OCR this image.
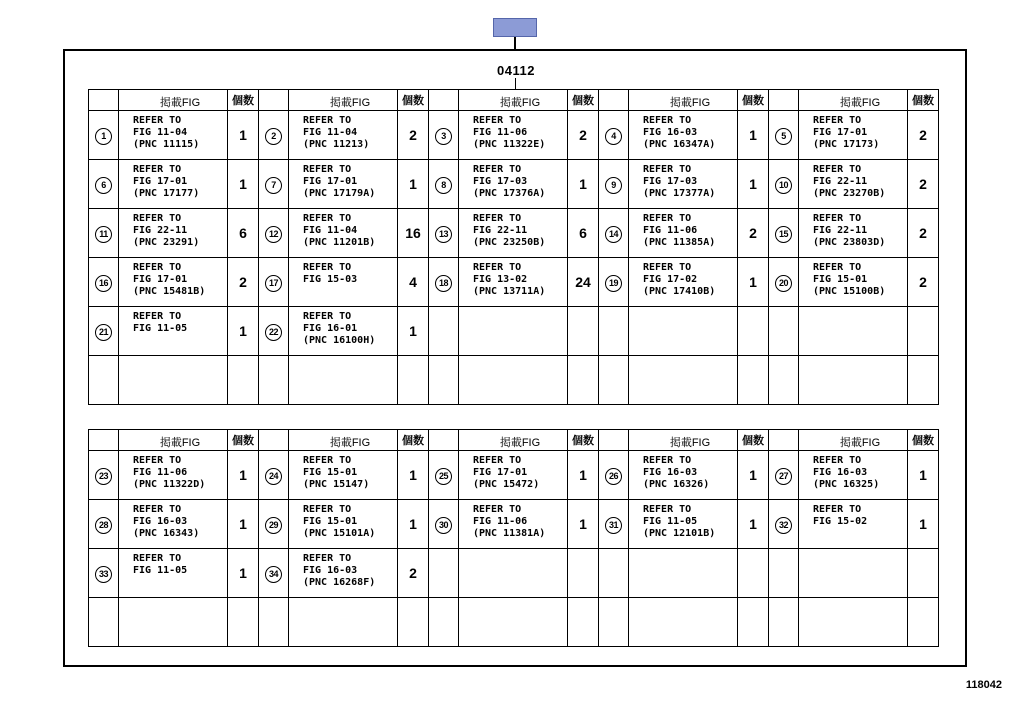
04112
	掲載FIG	個数		掲載FIG	個数		掲載FIG	個数		掲載FIG	個数		掲載FIG	個数
1	REFER TO
FIG 11-04
(PNC 11115)	1	2	REFER TO
FIG 11-04
(PNC 11213)	2	3	REFER TO
FIG 11-06
(PNC 11322E)	2	4	REFER TO
FIG 16-03
(PNC 16347A)	1	5	REFER TO
FIG 17-01
(PNC 17173)	2
6	REFER TO
FIG 17-01
(PNC 17177)	1	7	REFER TO
FIG 17-01
(PNC 17179A)	1	8	REFER TO
FIG 17-03
(PNC 17376A)	1	9	REFER TO
FIG 17-03
(PNC 17377A)	1	10	REFER TO
FIG 22-11
(PNC 23270B)	2
11	REFER TO
FIG 22-11
(PNC 23291)	6	12	REFER TO
FIG 11-04
(PNC 11201B)	16	13	REFER TO
FIG 22-11
(PNC 23250B)	6	14	REFER TO
FIG 11-06
(PNC 11385A)	2	15	REFER TO
FIG 22-11
(PNC 23803D)	2
16	REFER TO
FIG 17-01
(PNC 15481B)	2	17	REFER TO
FIG 15-03	4	18	REFER TO
FIG 13-02
(PNC 13711A)	24	19	REFER TO
FIG 17-02
(PNC 17410B)	1	20	REFER TO
FIG 15-01
(PNC 15100B)	2
21	REFER TO
FIG 11-05	1	22	REFER TO
FIG 16-01
(PNC 16100H)	1									

	掲載FIG	個数		掲載FIG	個数		掲載FIG	個数		掲載FIG	個数		掲載FIG	個数
23	REFER TO
FIG 11-06
(PNC 11322D)	1	24	REFER TO
FIG 15-01
(PNC 15147)	1	25	REFER TO
FIG 17-01
(PNC 15472)	1	26	REFER TO
FIG 16-03
(PNC 16326)	1	27	REFER TO
FIG 16-03
(PNC 16325)	1
28	REFER TO
FIG 16-03
(PNC 16343)	1	29	REFER TO
FIG 15-01
(PNC 15101A)	1	30	REFER TO
FIG 11-06
(PNC 11381A)	1	31	REFER TO
FIG 11-05
(PNC 12101B)	1	32	REFER TO
FIG 15-02	1
33	REFER TO
FIG 11-05	1	34	REFER TO
FIG 16-03
(PNC 16268F)	2									

118042
